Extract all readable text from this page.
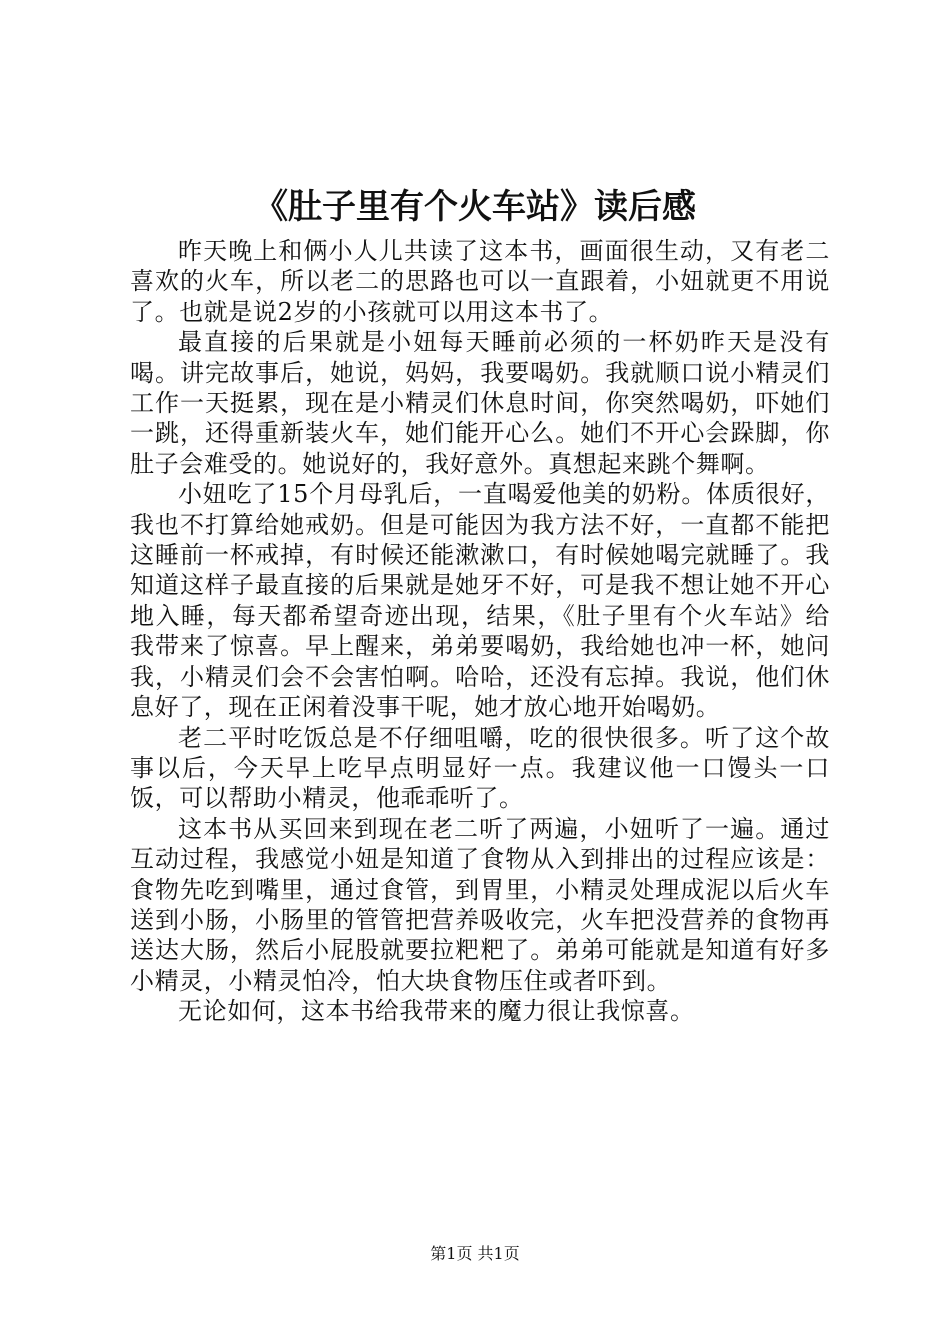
《肚子里有个火车站》读后感

昨天晚上和俩小人儿共读了这本书，画面很生动，又有老二喜欢的火车，所以老二的思路也可以一直跟着，小妞就更不用说了。也就是说2岁的小孩就可以用这本书了。

最直接的后果就是小妞每天睡前必须的一杯奶昨天是没有喝。讲完故事后，她说，妈妈，我要喝奶。我就顺口说小精灵们工作一天挺累，现在是小精灵们休息时间，你突然喝奶，吓她们一跳，还得重新装火车，她们能开心么。她们不开心会跺脚，你肚子会难受的。她说好的，我好意外。真想起来跳个舞啊。

小妞吃了15个月母乳后，一直喝爱他美的奶粉。体质很好，我也不打算给她戒奶。但是可能因为我方法不好，一直都不能把这睡前一杯戒掉，有时候还能漱漱口，有时候她喝完就睡了。我知道这样子最直接的后果就是她牙不好，可是我不想让她不开心地入睡，每天都希望奇迹出现，结果，《肚子里有个火车站》给我带来了惊喜。早上醒来，弟弟要喝奶，我给她也冲一杯，她问我，小精灵们会不会害怕啊。哈哈，还没有忘掉。我说，他们休息好了，现在正闲着没事干呢，她才放心地开始喝奶。

老二平时吃饭总是不仔细咀嚼，吃的很快很多。听了这个故事以后，今天早上吃早点明显好一点。我建议他一口馒头一口饭，可以帮助小精灵，他乖乖听了。

这本书从买回来到现在老二听了两遍，小妞听了一遍。通过互动过程，我感觉小妞是知道了食物从入到排出的过程应该是：食物先吃到嘴里，通过食管，到胃里，小精灵处理成泥以后火车送到小肠，小肠里的管管把营养吸收完，火车把没营养的食物再送达大肠，然后小屁股就要拉粑粑了。弟弟可能就是知道有好多小精灵，小精灵怕冷，怕大块食物压住或者吓到。

无论如何，这本书给我带来的魔力很让我惊喜。

第1页 共1页
